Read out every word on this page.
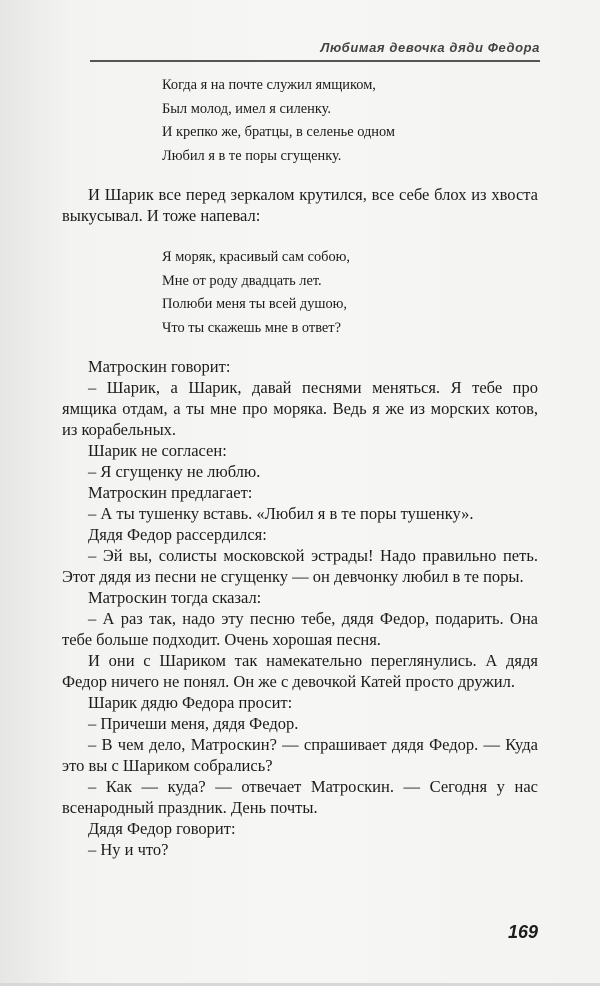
Любимая девочка дяди Федора
Когда я на почте служил ямщиком,
Был молод, имел я силенку.
И крепко же, братцы, в селенье одном
Любил я в те поры сгущенку.

И Шарик все перед зеркалом крутился, все себе блох из хвоста выкусывал. И тоже напевал:

Я моряк, красивый сам собою,
Мне от роду двадцать лет.
Полюби меня ты всей душою,
Что ты скажешь мне в ответ?

Матроскин говорит:

– Шарик, а Шарик, давай песнями меняться. Я тебе про ямщика отдам, а ты мне про моряка. Ведь я же из морских котов, из корабельных.

Шарик не согласен:

– Я сгущенку не люблю.

Матроскин предлагает:

– А ты тушенку вставь. «Любил я в те поры тушенку».

Дядя Федор рассердился:

– Эй вы, солисты московской эстрады! Надо правильно петь. Этот дядя из песни не сгущенку — он девчонку любил в те поры.

Матроскин тогда сказал:

– А раз так, надо эту песню тебе, дядя Федор, подарить. Она тебе больше подходит. Очень хорошая песня.

И они с Шариком так намекательно переглянулись. А дядя Федор ничего не понял. Он же с девочкой Катей просто дружил.

Шарик дядю Федора просит:

– Причеши меня, дядя Федор.

– В чем дело, Матроскин? — спрашивает дядя Федор. — Куда это вы с Шариком собрались?

– Как — куда? — отвечает Матроскин. — Сегодня у нас всенародный праздник. День почты.

Дядя Федор говорит:

– Ну и что?

169
